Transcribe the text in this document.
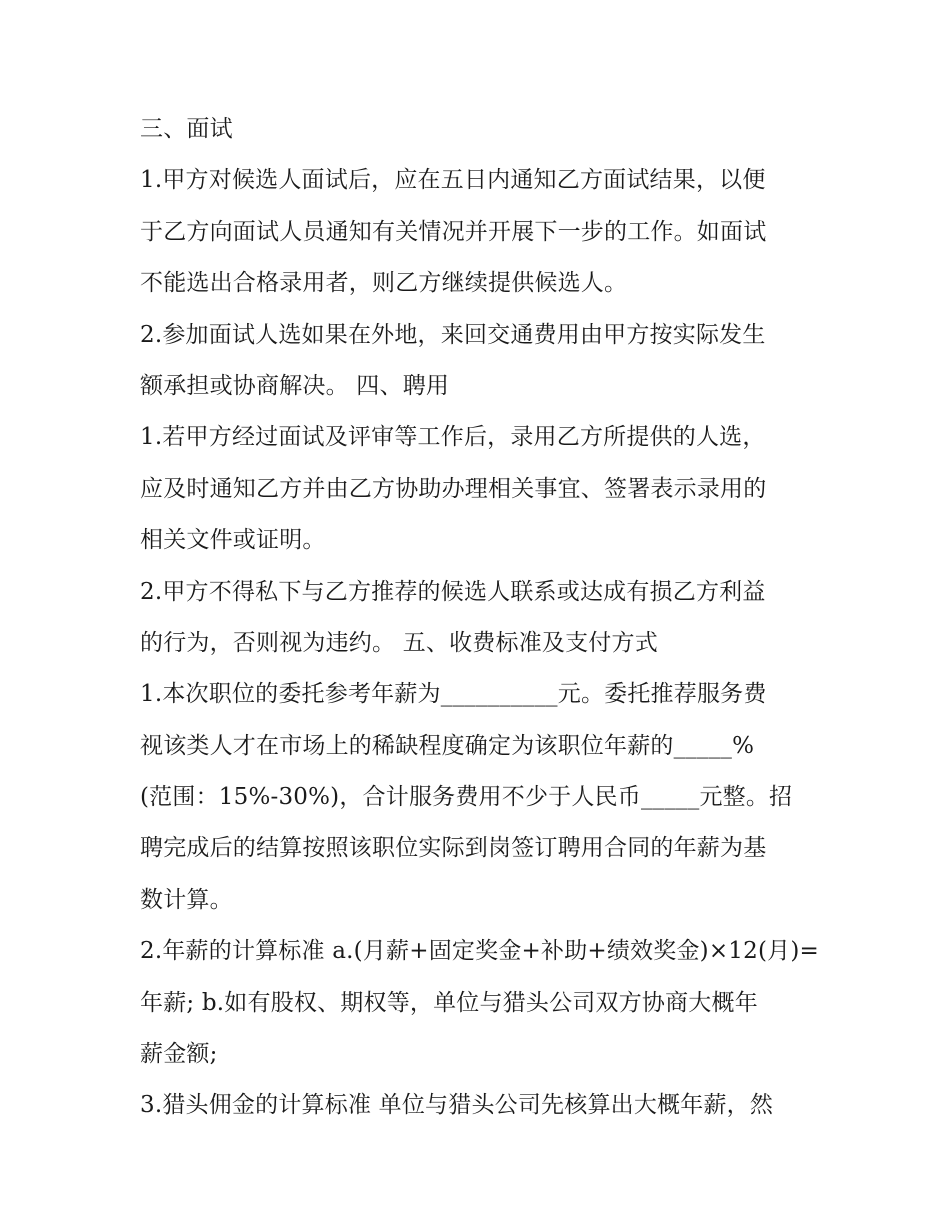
三、面试
1.甲方对候选人面试后，应在五日内通知乙方面试结果，以便
于乙方向面试人员通知有关情况并开展下一步的工作。如面试
不能选出合格录用者，则乙方继续提供候选人。
2.参加面试人选如果在外地，来回交通费用由甲方按实际发生
额承担或协商解决。 四、聘用
1.若甲方经过面试及评审等工作后，录用乙方所提供的人选，
应及时通知乙方并由乙方协助办理相关事宜、签署表示录用的
相关文件或证明。
2.甲方不得私下与乙方推荐的候选人联系或达成有损乙方利益
的行为，否则视为违约。 五、收费标准及支付方式
1.本次职位的委托参考年薪为__________元。委托推荐服务费
视该类人才在市场上的稀缺程度确定为该职位年薪的_____%
(范围：15%-30%)，合计服务费用不少于人民币_____元整。招
聘完成后的结算按照该职位实际到岗签订聘用合同的年薪为基
数计算。
2.年薪的计算标准 a.(月薪+固定奖金+补助+绩效奖金)×12(月)=
年薪; b.如有股权、期权等，单位与猎头公司双方协商大概年
薪金额;
3.猎头佣金的计算标准 单位与猎头公司先核算出大概年薪，然
